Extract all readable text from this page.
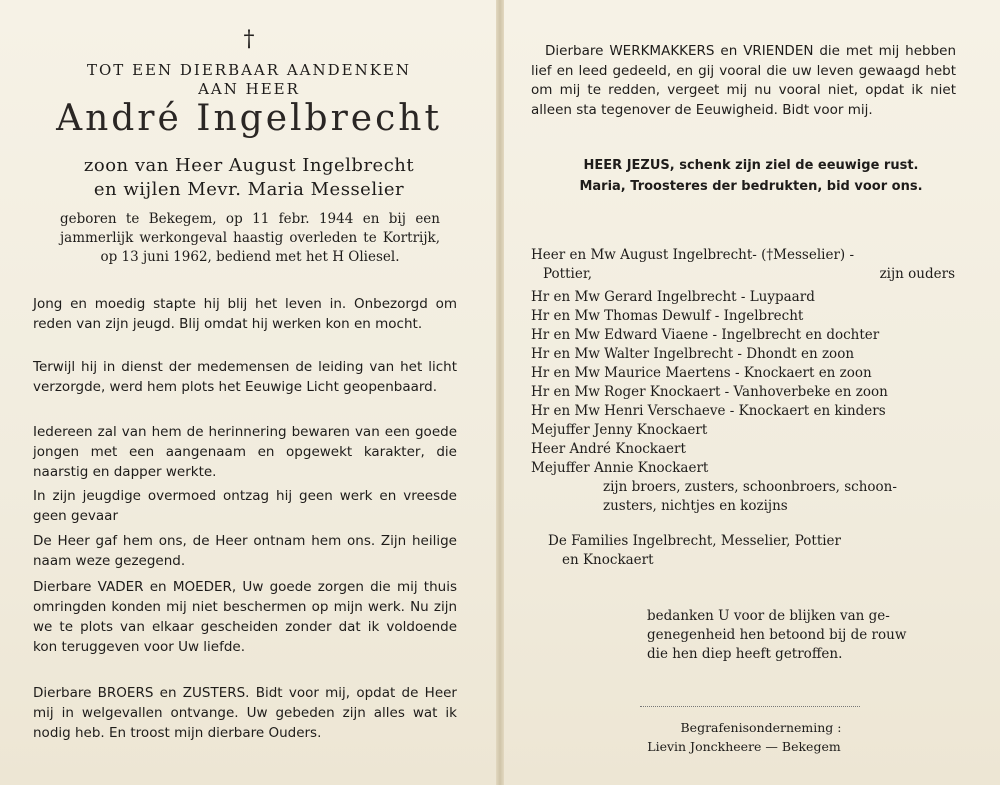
†
TOT EEN DIERBAAR AANDENKEN
AAN HEER
André Ingelbrecht
zoon van Heer August Ingelbrecht
en wijlen Mevr. Maria Messelier
geboren te Bekegem, op 11 febr. 1944 en bij een jammerlijk werkongeval haastig overleden te Kortrijk, op 13 juni 1962, bediend met het H Oliesel.
Jong en moedig stapte hij blij het leven in. Onbezorgd om reden van zijn jeugd. Blij omdat hij werken kon en mocht.
Terwijl hij in dienst der medemensen de leiding van het licht verzorgde, werd hem plots het Eeuwige Licht geopenbaard.
Iedereen zal van hem de herinnering bewaren van een goede jongen met een aangenaam en opgewekt karakter, die naarstig en dapper werkte.
In zijn jeugdige overmoed ontzag hij geen werk en vreesde geen gevaar
De Heer gaf hem ons, de Heer ontnam hem ons. Zijn heilige naam weze gezegend.
Dierbare VADER en MOEDER, Uw goede zorgen die mij thuis omringden konden mij niet beschermen op mijn werk. Nu zijn we te plots van elkaar gescheiden zonder dat ik voldoende kon teruggeven voor Uw liefde.
Dierbare BROERS en ZUSTERS. Bidt voor mij, opdat de Heer mij in welgevallen ontvange. Uw gebeden zijn alles wat ik nodig heb. En troost mijn dierbare Ouders.
Dierbare WERKMAKKERS en VRIENDEN die met mij hebben lief en leed gedeeld, en gij vooral die uw leven gewaagd hebt om mij te redden, vergeet mij nu vooral niet, opdat ik niet alleen sta tegenover de Eeuwigheid. Bidt voor mij.
HEER JEZUS, schenk zijn ziel de eeuwige rust.
Maria, Troosteres der bedrukten, bid voor ons.
Heer en Mw August Ingelbrecht- (†Messelier) -
Pottier,	zijn ouders
Hr en Mw Gerard Ingelbrecht - Luypaard
Hr en Mw Thomas Dewulf - Ingelbrecht
Hr en Mw Edward Viaene - Ingelbrecht en dochter
Hr en Mw Walter Ingelbrecht - Dhondt en zoon
Hr en Mw Maurice Maertens - Knockaert en zoon
Hr en Mw Roger Knockaert - Vanhoverbeke en zoon
Hr en Mw Henri Verschaeve - Knockaert en kinders
Mejuffer Jenny Knockaert
Heer André Knockaert
Mejuffer Annie Knockaert
zijn broers, zusters, schoonbroers, schoon-
zusters, nichtjes en kozijns
De Families Ingelbrecht, Messelier, Pottier
en Knockaert
bedanken U voor de blijken van ge-
genegenheid hen betoond bij de rouw
die hen diep heeft getroffen.
Begrafenisonderneming :
Lievin Jonckheere — Bekegem
